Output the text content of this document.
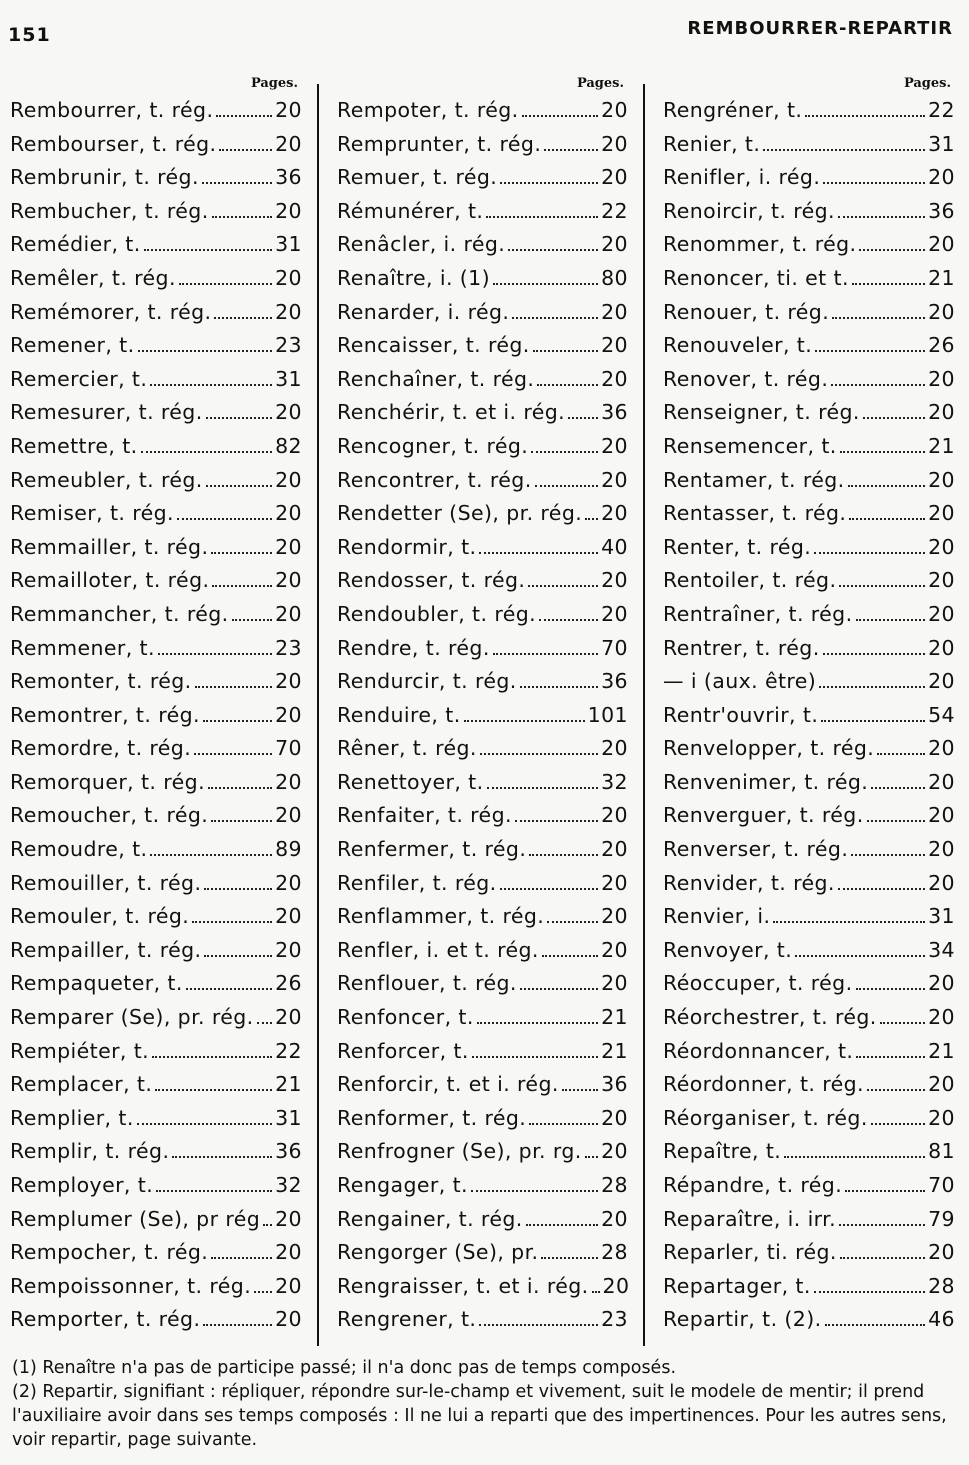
151	REMBOURRER-REPARTIR
Pages.
Rembourrer, t. rég.	20
Rembourser, t. rég.	20
Rembrunir, t. rég.	36
Rembucher, t. rég.	20
Remédier, t.	31
Remêler, t. rég.	20
Remémorer, t. rég.	20
Remener, t.	23
Remercier, t.	31
Remesurer, t. rég.	20
Remettre, t.	82
Remeubler, t. rég.	20
Remiser, t. rég.	20
Remmailler, t. rég.	20
Remailloter, t. rég.	20
Remmancher, t. rég. 20
Remmener, t.	23
Remonter, t. rég.	20
Remontrer, t. rég.	20
Remordre, t. rég.	70
Remorquer, t. rég.	20
Remoucher, t. rég.	20
Remoudre, t.	89
Remouiller, t. rég.	20
Remouler, t. rég.	20
Rempailler, t. rég.	20
Rempaqueter, t.	26
Remparer (Se), pr. rég. 20
Rempiéter, t.	22
Remplacer, t.	21
Remplier, t.	31
Remplir, t. rég.	36
Remployer, t.	32
Remplumer (Se), pr rég 20
Rempocher, t. rég.	20
Rempoissonner, t. rég. 20
Remporter, t. rég.	20
Pages.
Rempoter, t. rég.	20
Remprunter, t. rég.	20
Remuer, t. rég.	20
Rémunérer, t.	22
Renâcler, i. rég.	20
Renaître, i. (1)	80
Renarder, i. rég.	20
Rencaisser, t. rég.	20
Renchaîner, t. rég.	20
Renchérir, t. et i. rég. 36
Rencogner, t. rég.	20
Rencontrer, t. rég.	20
Rendetter (Se), pr. rég. 20
Rendormir, t.	40
Rendosser, t. rég.	20
Rendoubler, t. rég.	20
Rendre, t. rég.	70
Rendurcir, t. rég.	36
Renduire, t.	101
Rêner, t. rég.	20
Renettoyer, t.	32
Renfaiter, t. rég.	20
Renfermer, t. rég.	20
Renfiler, t. rég.	20
Renflammer, t. rég.	20
Renfler, i. et t. rég.	20
Renflouer, t. rég.	20
Renfoncer, t.	21
Renforcer, t.	21
Renforcir, t. et i. rég. 36
Renformer, t. rég.	20
Renfrogner (Se), pr. rg. 20
Rengager, t.	28
Rengainer, t. rég.	20
Rengorger (Se), pr.	28
Rengraisser, t. et i. rég. 20
Rengrener, t.	23
Pages.
Rengréner, t.	22
Renier, t.	31
Renifler, i. rég.	20
Renoircir, t. rég.	36
Renommer, t. rég.	20
Renoncer, ti. et t.	21
Renouer, t. rég.	20
Renouveler, t.	26
Renover, t. rég.	20
Renseigner, t. rég.	20
Rensemencer, t.	21
Rentamer, t. rég.	20
Rentasser, t. rég.	20
Renter, t. rég.	20
Rentoiler, t. rég.	20
Rentraîner, t. rég.	20
Rentrer, t. rég.	20
— i (aux. être)	20
Rentr'ouvrir, t.	54
Renvelopper, t. rég.	20
Renvenimer, t. rég.	20
Renverguer, t. rég.	20
Renverser, t. rég.	20
Renvider, t. rég.	20
Renvier, i.	31
Renvoyer, t.	34
Réoccuper, t. rég.	20
Réorchestrer, t. rég.	20
Réordonnancer, t.	21
Réordonner, t. rég.	20
Réorganiser, t. rég.	20
Repaître, t.	81
Répandre, t. rég.	70
Reparaître, i. irr.	79
Reparler, ti. rég.	20
Repartager, t.	28
Repartir, t. (2).	46

(1) Renaître n'a pas de participe passé; il n'a donc pas de temps composés.

(2) Repartir, signifiant : répliquer, répondre sur-le-champ et vivement, suit le modele de mentir; il prend l'auxiliaire avoir dans ses temps composés : Il ne lui a reparti que des impertinences. Pour les autres sens, voir repartir, page suivante.
